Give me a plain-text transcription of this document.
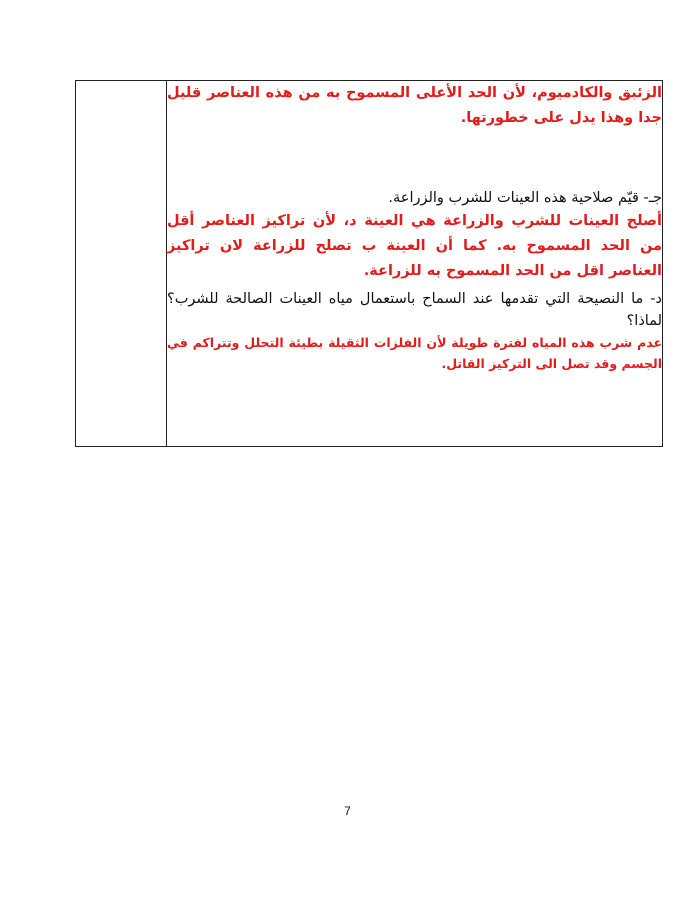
الزئبق والكادميوم، لأن الحد الأعلى المسموح به من هذه العناصر قليل جدا وهذا يدل على خطورتها.

جـ- قيّم صلاحية هذه العينات للشرب والزراعة.

أصلح العينات للشرب والزراعة هي العينة د، لأن تراكيز العناصر أقل من الحد المسموح به. كما أن العينة ب تصلح للزراعة لان تراكيز العناصر اقل من الحد المسموح به للزراعة.

د- ما النصيحة التي تقدمها عند السماح باستعمال مياه العينات الصالحة للشرب؟ لماذا؟

عدم شرب هذه المياه لفترة طويلة لأن الفلزات الثقيلة بطيئة التحلل وتتراكم في الجسم وقد تصل الى التركيز القاتل.

7
